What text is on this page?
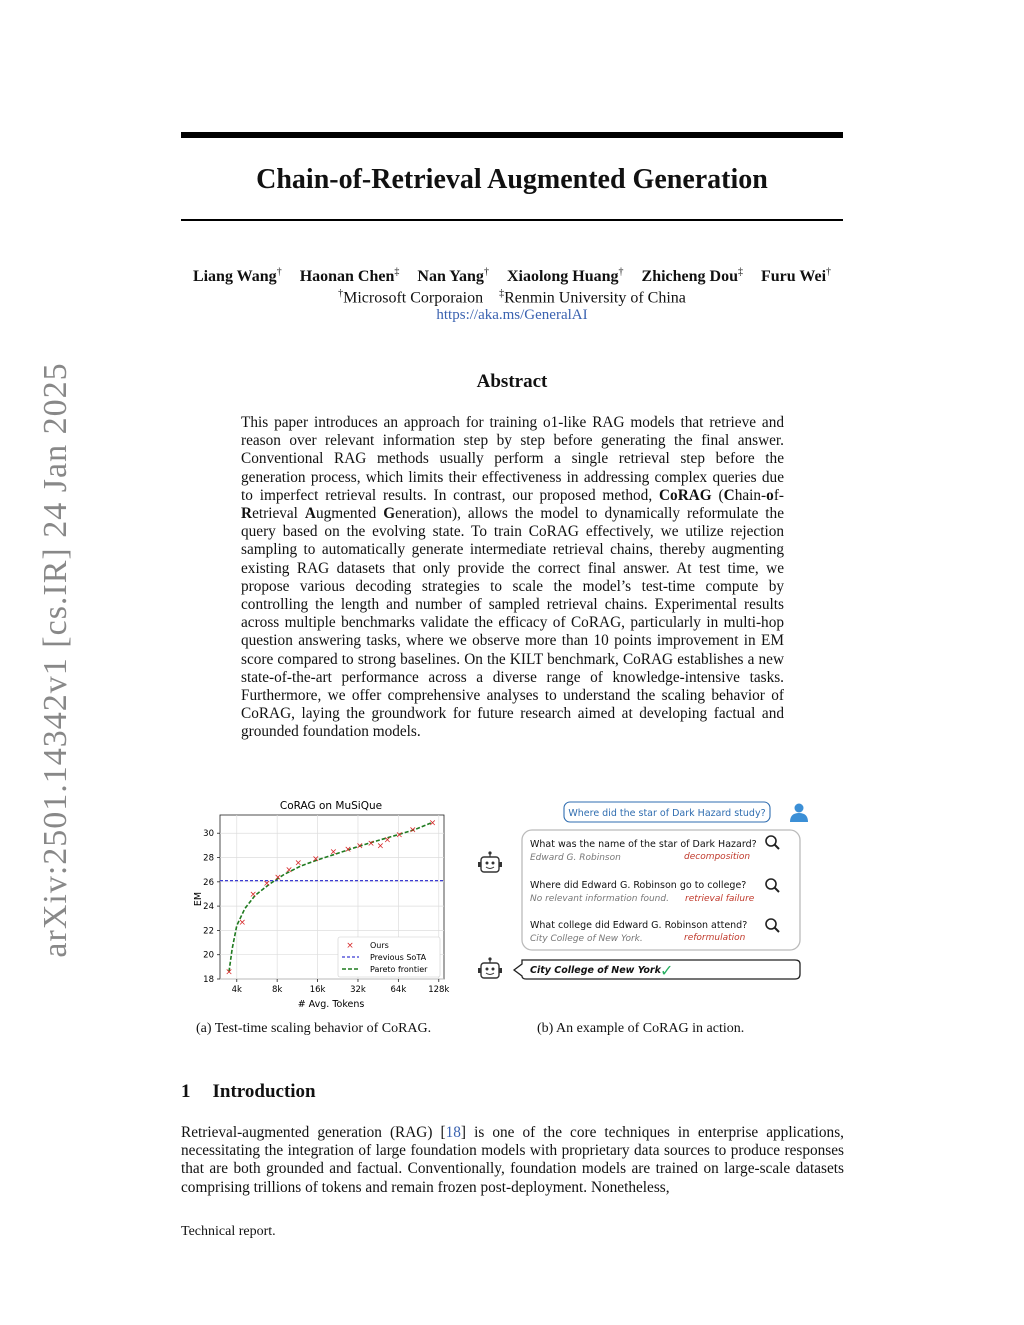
arXiv:2501.14342v1 [cs.IR] 24 Jan 2025
Chain-of-Retrieval Augmented Generation
Liang Wang† Haonan Chen‡ Nan Yang† Xiaolong Huang† Zhicheng Dou‡ Furu Wei†
†Microsoft Corporaion ‡Renmin University of China
https://aka.ms/GeneralAI
Abstract

This paper introduces an approach for training o1-like RAG models that retrieve and reason over relevant information step by step before generating the final answer. Conventional RAG methods usually perform a single retrieval step before the generation process, which limits their effectiveness in addressing complex queries due to imperfect retrieval results. In contrast, our proposed method, CoRAG (Chain-of-Retrieval Augmented Generation), allows the model to dynamically reformulate the query based on the evolving state. To train CoRAG effectively, we utilize rejection sampling to automatically generate intermediate retrieval chains, thereby augmenting existing RAG datasets that only provide the correct final answer. At test time, we propose various decoding strategies to scale the model’s test-time compute by controlling the length and number of sampled retrieval chains. Experimental results across multiple benchmarks validate the efficacy of CoRAG, particularly in multi-hop question answering tasks, where we observe more than 10 points improvement in EM score compared to strong baselines. On the KILT benchmark, CoRAG establishes a new state-of-the-art performance across a diverse range of knowledge-intensive tasks. Furthermore, we offer comprehensive analyses to understand the scaling behavior of CoRAG, laying the groundwork for future research aimed at developing factual and grounded foundation models.

CoRAG on MuSiQue
18
20
22
24
26
28
30
4k	8k	16k	32k	64k	128k
×
×
×
×
×
×
× ×
× × × × ×
× × ×
×
# Avg. Tokens
EM
× Ours
Previous SoTA
Pareto frontier
(a) Test-time scaling behavior of CoRAG.
Where did the star of Dark Hazard study?
What was the name of the star of Dark Hazard?
Edward G. Robinson	decomposition
Where did Edward G. Robinson go to college?
No relevant information found. retrieval failure
What college did Edward G. Robinson attend?
City College of New York.	reformulation
City College of New York ✓
(b) An example of CoRAG in action.
1 Introduction

Retrieval-augmented generation (RAG) [18] is one of the core techniques in enterprise applications, necessitating the integration of large foundation models with proprietary data sources to produce responses that are both grounded and factual. Conventionally, foundation models are trained on large-scale datasets comprising trillions of tokens and remain frozen post-deployment. Nonetheless,

Technical report.
